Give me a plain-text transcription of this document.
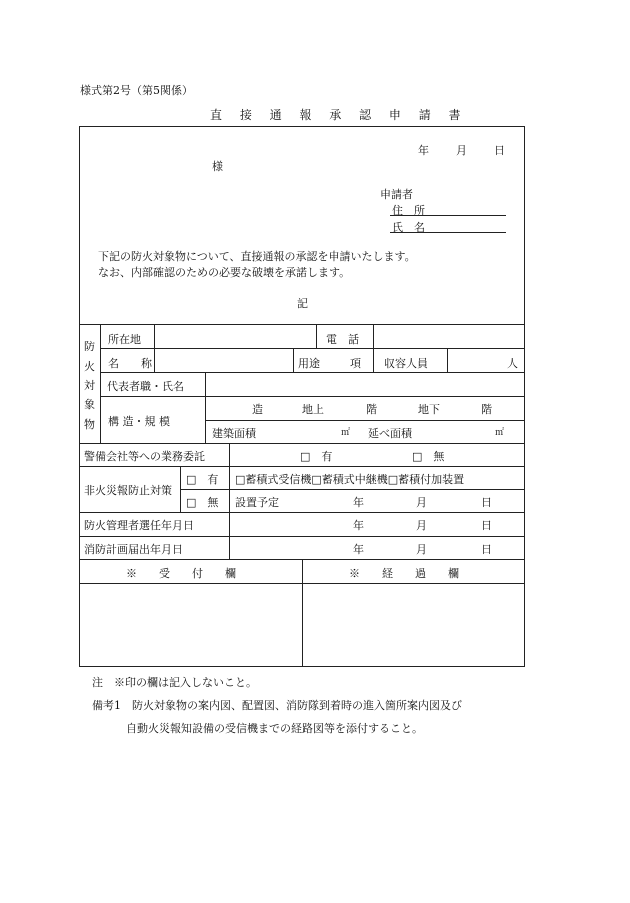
様式第2号（第5関係）
直 接 通 報 承 認 申 請 書
年 月 日
様
申請者
住　所
氏　名
下記の防火対象物について、直接通報の承認を申請いたします。
なお、内部確認のための必要な破壊を承諾します。
記
防
火
対
象
物
所在地	電　話
名　　称	用途	項 収容人員	人
代表者職・氏名
構 造・規 模
造	地上	階	地下	階
建築面積	㎡ 延べ面積	㎡
警備会社等への業務委託	□　有	□　無
非火災報防止対策
□　有 □蓄積式受信機□蓄積式中継機□蓄積付加装置
□　無 設置予定	年	月	日
防火管理者選任年月日	年	月	日
消防計画届出年月日	年	月	日
※　　受　　付　　欄	※　　経　　過　　欄
注　※印の欄は記入しないこと。
備考1　防火対象物の案内図、配置図、消防隊到着時の進入箇所案内図及び
自動火災報知設備の受信機までの経路図等を添付すること。
